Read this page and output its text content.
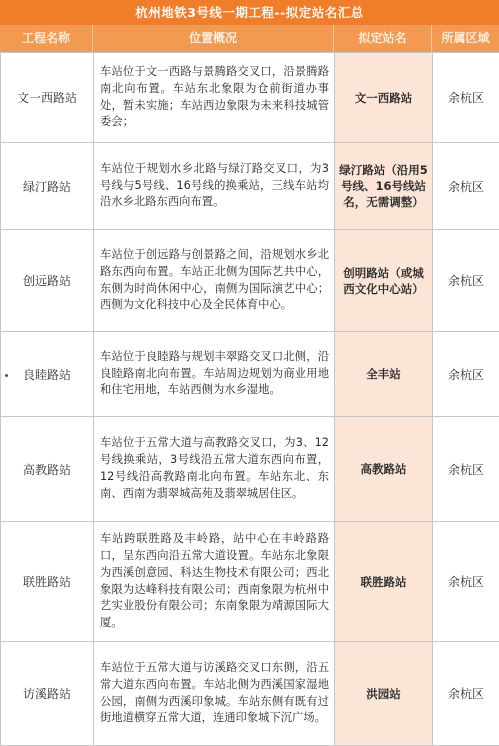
杭州地铁3号线一期工程--拟定站名汇总
工程名称	位置概况	拟定站名	所属区域
文一西路站	车站位于文一西路与景腾路交叉口，沿景腾路南北向布置。车站东北象限为仓前街道办事处，暂未实施；车站西边象限为未来科技城管委会；	文一西路站	余杭区
绿汀路站	车站位于规划水乡北路与绿汀路交叉口，为3号线与5号线、16号线的换乘站，三线车站均沿水乡北路东西向布置。	绿汀路站（沿用5号线、16号线站名，无需调整）	余杭区
创远路站	车站位于创远路与创景路之间，沿规划水乡北路东西向布置。车站正北侧为国际艺共中心，东侧为时尚休闲中心，南侧为国际演艺中心；西侧为文化科技中心及全民体育中心。	创明路站（或城西文化中心站）	余杭区
良睦路站	车站位于良睦路与规划丰翠路交叉口北侧，沿良睦路南北向布置。车站周边规划为商业用地和住宅用地，车站西侧为水乡湿地。	全丰站	余杭区
高教路站	车站位于五常大道与高教路交叉口，为3、12号线换乘站，3号线沿五常大道东西向布置，12号线沿高教路南北向布置。车站东北、东南、西南为翡翠城高苑及翡翠城居住区。	高教路站	余杭区
联胜路站	车站跨联胜路及丰岭路，站中心在丰岭路路口，呈东西向沿五常大道设置。车站东北象限为西溪创意园、科达生物技术有限公司；西北象限为达峰科技有限公司；西南象限为杭州中艺实业股份有限公司；东南象限为靖源国际大厦。	联胜路站	余杭区
访溪路站	车站位于五常大道与访溪路交叉口东侧，沿五常大道东西向布置。车站北侧为西溪国家湿地公园，南侧为西溪印象城。车站东侧有既有过街地道横穿五常大道，连通印象城下沉广场。	洪园站	余杭区
